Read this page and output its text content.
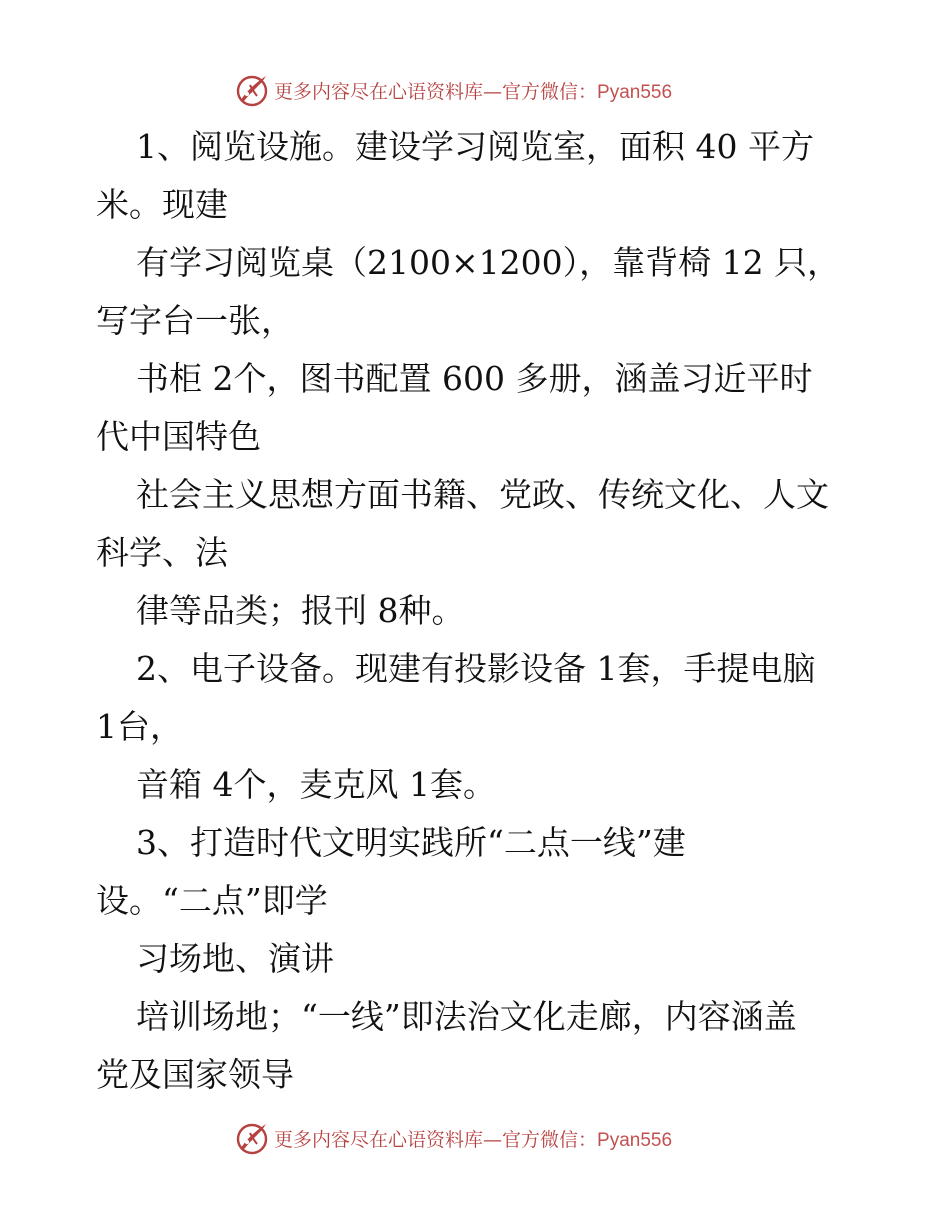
更多内容尽在心语资料库—官方微信：Pyan556
1、阅览设施。建设学习阅览室，面积 40 平方
米。现建
有学习阅览桌（2100×1200），靠背椅 12 只，
写字台一张，
书柜 2个，图书配置 600 多册，涵盖习近平时
代中国特色
社会主义思想方面书籍、党政、传统文化、人文
科学、法
律等品类；报刊 8种。
2、电子设备。现建有投影设备 1套，手提电脑
1台，
音箱 4个，麦克风 1套。
3、打造时代文明实践所“二点一线”建
设。“二点”即学
习场地、演讲
培训场地；“一线”即法治文化走廊，内容涵盖
党及国家领导
更多内容尽在心语资料库—官方微信：Pyan556
